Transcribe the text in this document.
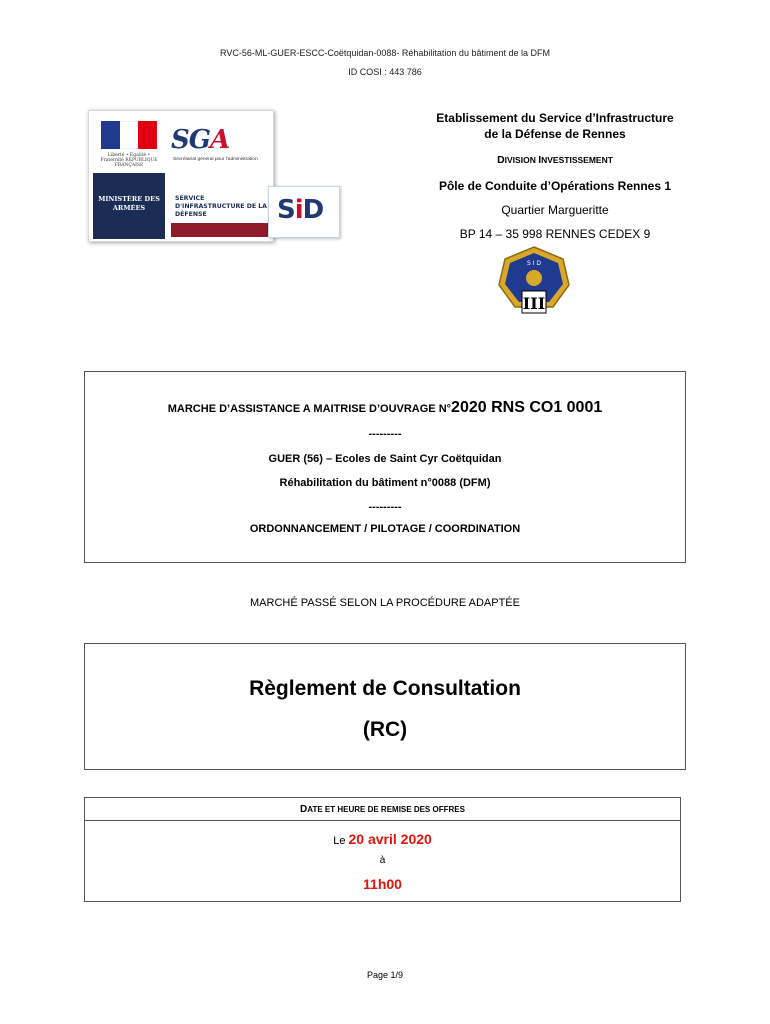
RVC-56-ML-GUER-ESCC-Coëtquidan-0088- Réhabilitation du bâtiment de la DFM
ID COSI : 443 786
Liberté • Égalité • Fraternité RÉPUBLIQUE FRANÇAISE
MINISTÈRE DES ARMÉES
SGA
Secrétariat général pour l'administration
SERVICE D'INFRASTRUCTURE DE LA DÉFENSE	SiD
Etablissement du Service d’Infrastructure
de la Défense de Rennes
DIVISION INVESTISSEMENT
Pôle de Conduite d’Opérations Rennes 1
Quartier Margueritte
BP 14 – 35 998 RENNES CEDEX 9
S I D
III
MARCHE D’ASSISTANCE A MAITRISE D’OUVRAGE N°2020 RNS CO1 0001
---------
GUER (56) – Ecoles de Saint Cyr Coëtquidan
Réhabilitation du bâtiment n°0088 (DFM)
---------
ORDONNANCEMENT / PILOTAGE / COORDINATION
MARCHÉ PASSÉ SELON LA PROCÉDURE ADAPTÉE
Règlement de Consultation
(RC)
DATE ET HEURE DE REMISE DES OFFRES
Le 20 avril 2020
à
11h00
Page 1/9
